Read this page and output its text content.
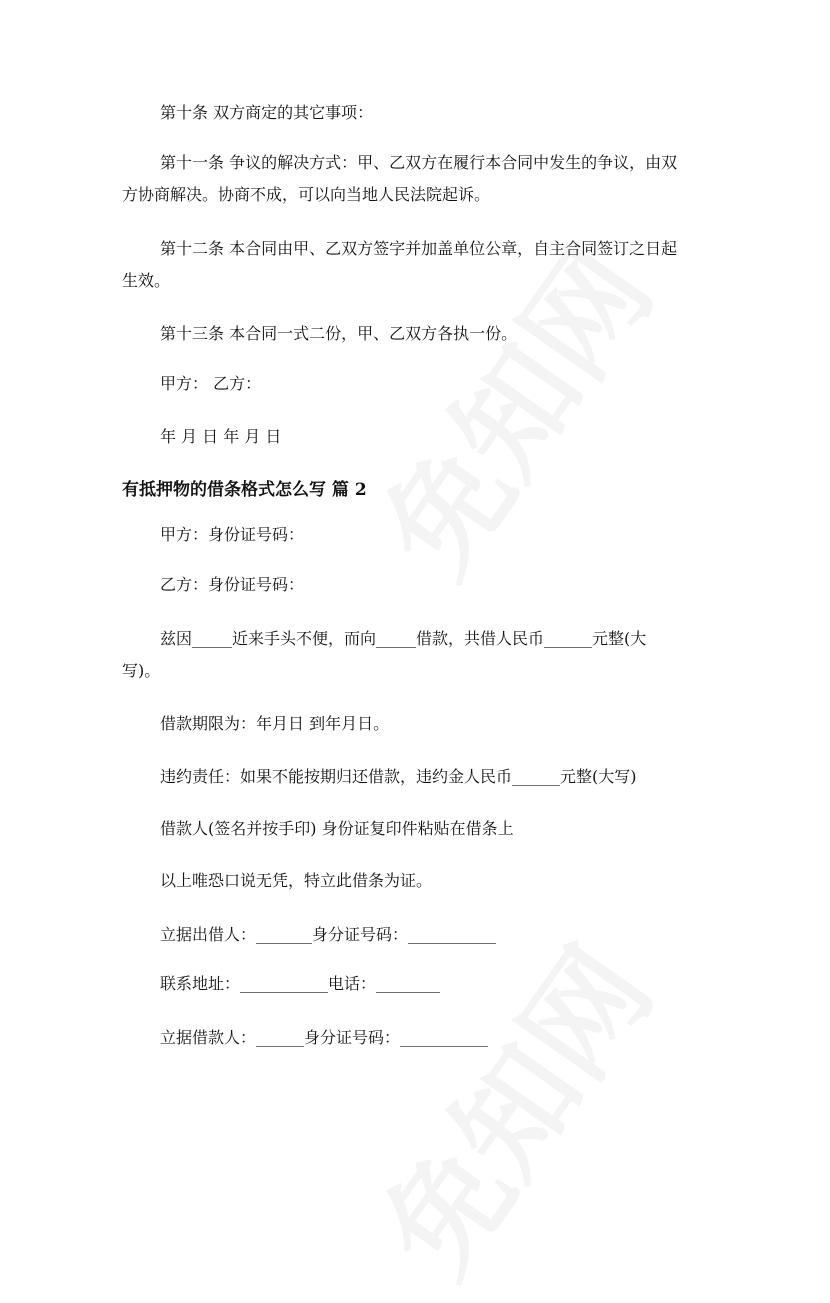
第十条 双方商定的其它事项：
第十一条 争议的解决方式：甲、乙双方在履行本合同中发生的争议，由双
方协商解决。协商不成，可以向当地人民法院起诉。
第十二条 本合同由甲、乙双方签字并加盖单位公章，自主合同签订之日起
生效。
第十三条 本合同一式二份，甲、乙双方各执一份。
甲方： 乙方：
年 月 日 年 月 日
有抵押物的借条格式怎么写 篇 2
甲方：身份证号码：
乙方：身份证号码：
兹因_____近来手头不便，而向_____借款，共借人民币______元整(大
写)。
借款期限为：年月日 到年月日。
违约责任：如果不能按期归还借款，违约金人民币______元整(大写)
借款人(签名并按手印) 身份证复印件粘贴在借条上
以上唯恐口说无凭，特立此借条为证。
立据出借人：_______身分证号码：___________
联系地址：___________电话：________
立据借款人：______身分证号码：___________
